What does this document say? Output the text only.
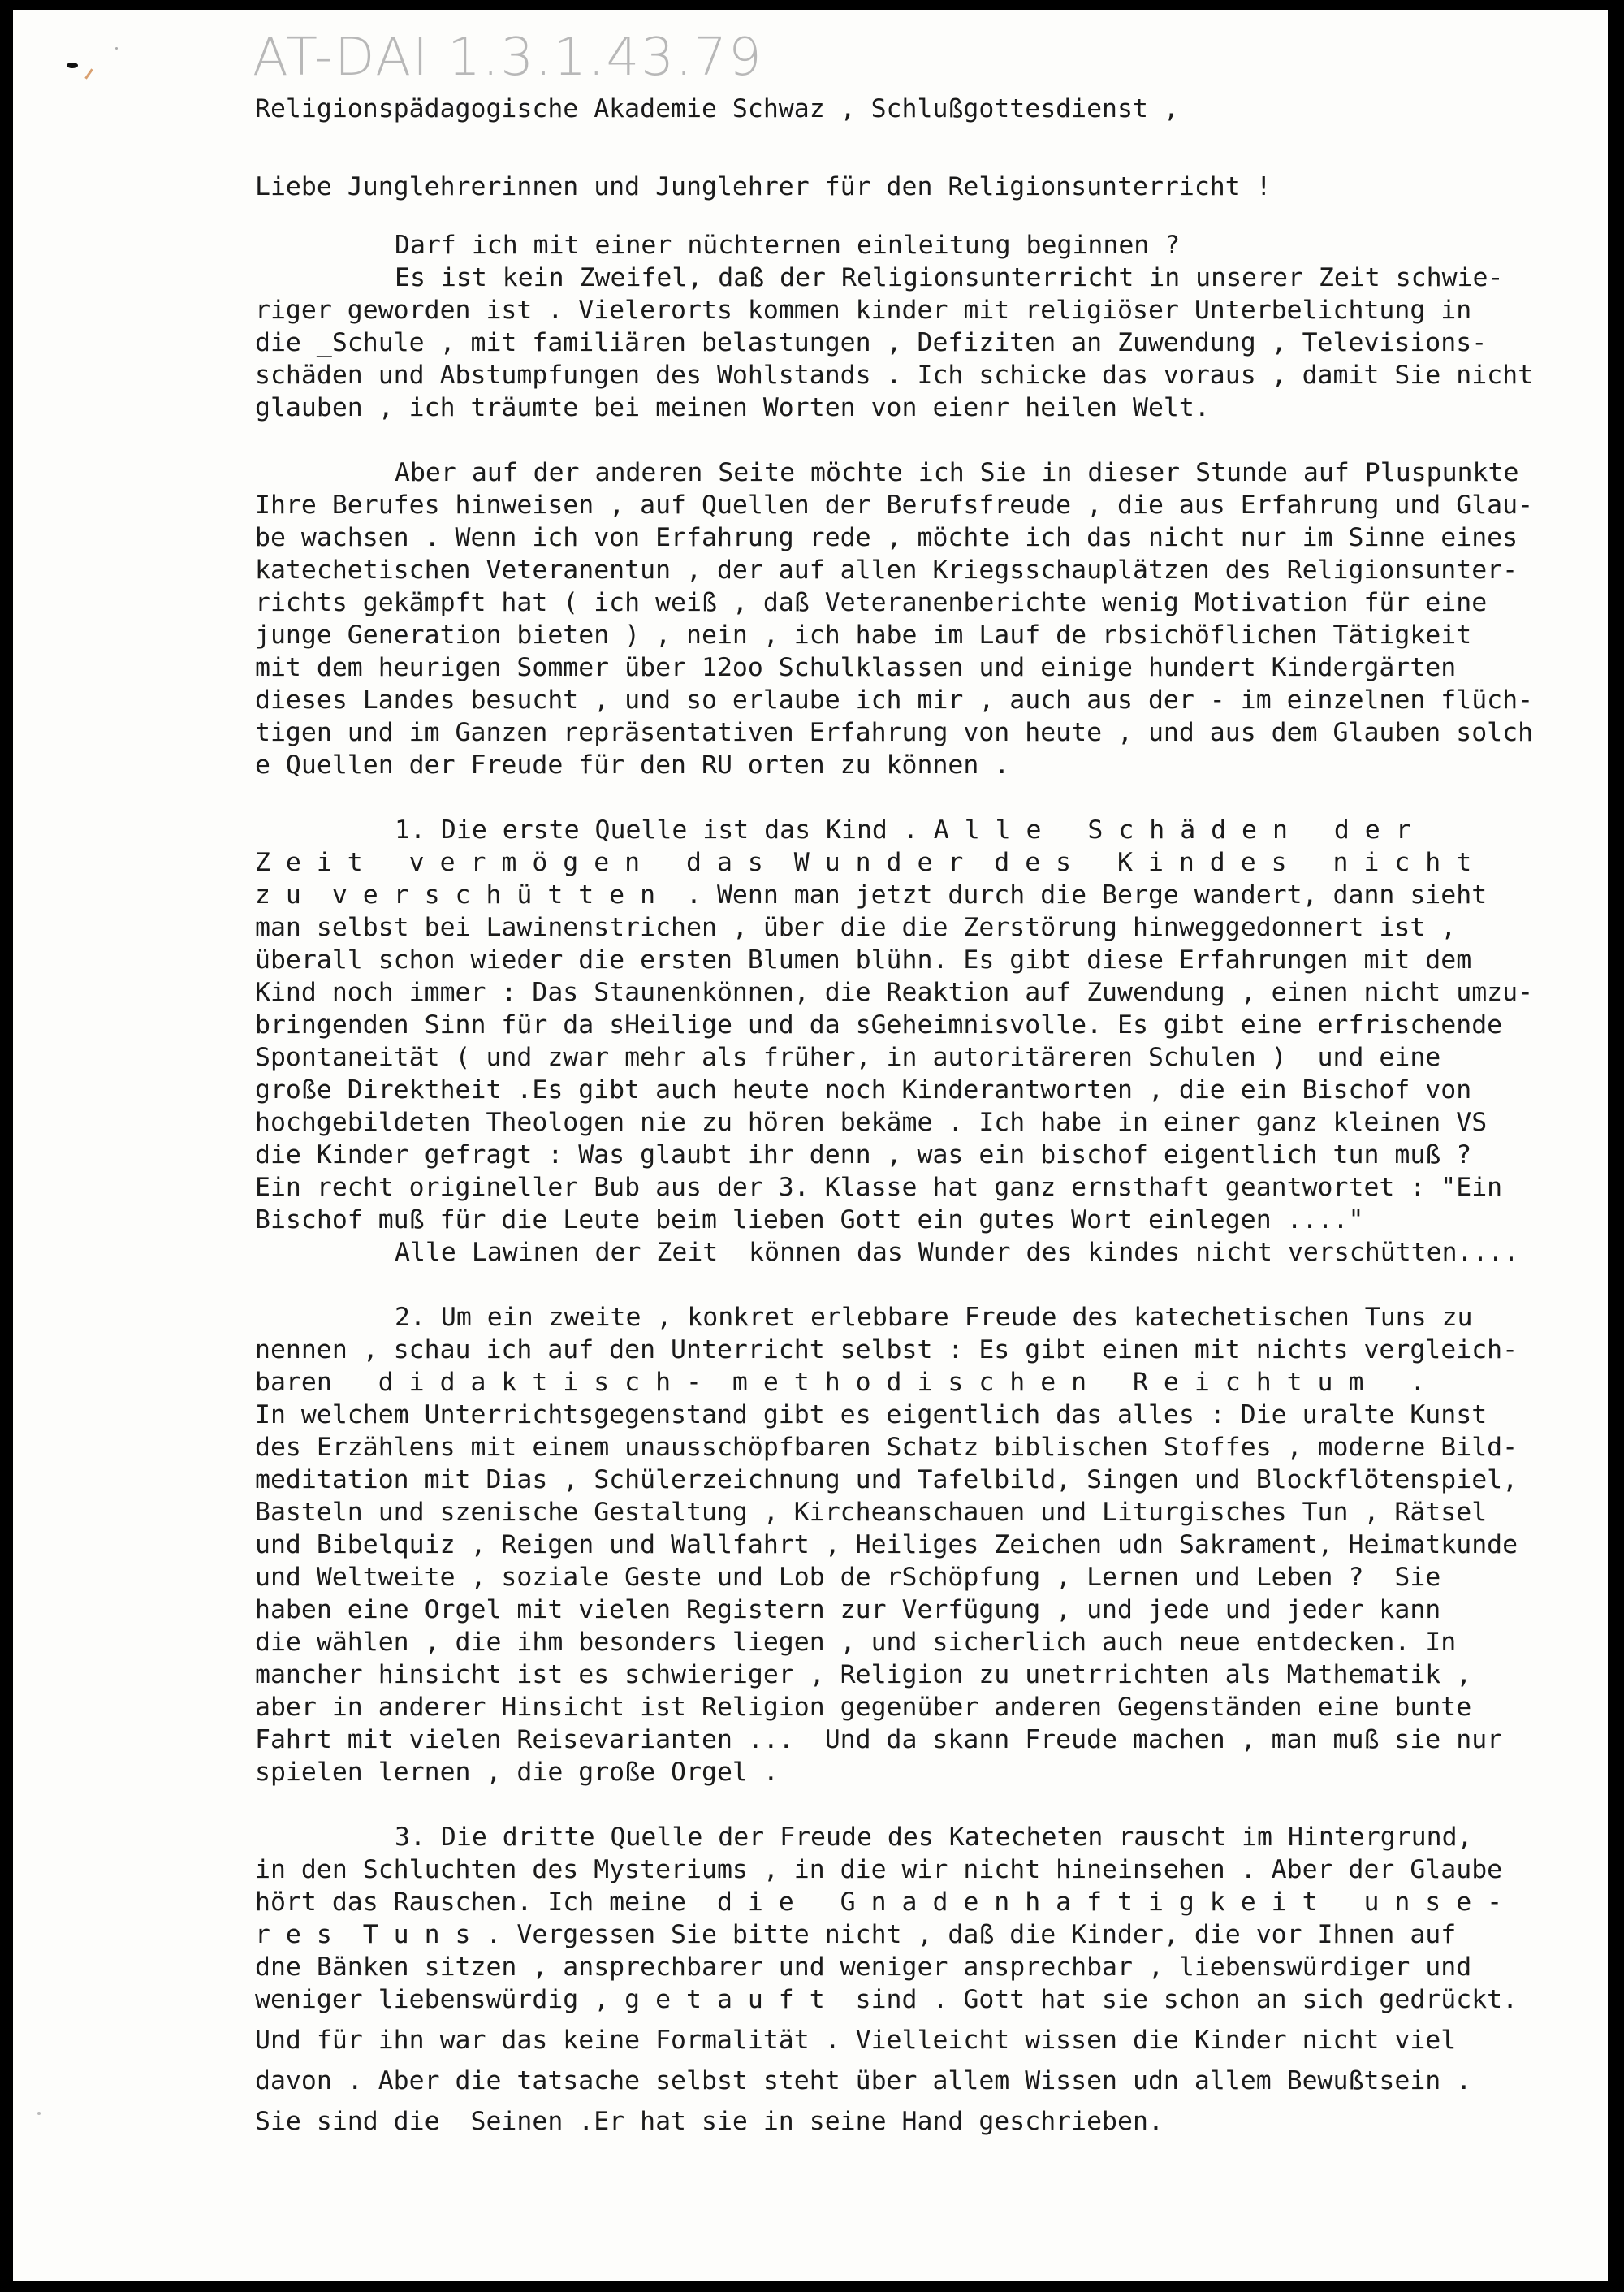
AT-DAI 1.3.1.43.79
Religionspädagogische Akademie Schwaz , Schlußgottesdienst ,
Liebe Junglehrerinnen und Junglehrer für den Religionsunterricht !
Darf ich mit einer nüchternen einleitung beginnen ?
Es ist kein Zweifel, daß der Religionsunterricht in unserer Zeit schwie-
riger geworden ist . Vielerorts kommen kinder mit religiöser Unterbelichtung in
die _Schule , mit familiären belastungen , Defiziten an Zuwendung , Televisions-
schäden und Abstumpfungen des Wohlstands . Ich schicke das voraus , damit Sie nicht
glauben , ich träumte bei meinen Worten von eienr heilen Welt.
Aber auf der anderen Seite möchte ich Sie in dieser Stunde auf Pluspunkte
Ihre Berufes hinweisen , auf Quellen der Berufsfreude , die aus Erfahrung und Glau-
be wachsen . Wenn ich von Erfahrung rede , möchte ich das nicht nur im Sinne eines
katechetischen Veteranentun , der auf allen Kriegsschauplätzen des Religionsunter-
richts gekämpft hat ( ich weiß , daß Veteranenberichte wenig Motivation für eine
junge Generation bieten ) , nein , ich habe im Lauf de rbsichöflichen Tätigkeit
mit dem heurigen Sommer über 12oo Schulklassen und einige hundert Kindergärten
dieses Landes besucht , und so erlaube ich mir , auch aus der - im einzelnen flüch-
tigen und im Ganzen repräsentativen Erfahrung von heute , und aus dem Glauben solch
e Quellen der Freude für den RU orten zu können .
1. Die erste Quelle ist das Kind . A l l e   S c h ä d e n   d e r
Z e i t   v e r m ö g e n   d a s  W u n d e r  d e s   K i n d e s   n i c h t
z u  v e r s c h ü t t e n  . Wenn man jetzt durch die Berge wandert, dann sieht
man selbst bei Lawinenstrichen , über die die Zerstörung hinweggedonnert ist ,
überall schon wieder die ersten Blumen blühn. Es gibt diese Erfahrungen mit dem
Kind noch immer : Das Staunenkönnen, die Reaktion auf Zuwendung , einen nicht umzu-
bringenden Sinn für da sHeilige und da sGeheimnisvolle. Es gibt eine erfrischende
Spontaneität ( und zwar mehr als früher, in autoritäreren Schulen )  und eine
große Direktheit .Es gibt auch heute noch Kinderantworten , die ein Bischof von
hochgebildeten Theologen nie zu hören bekäme . Ich habe in einer ganz kleinen VS
die Kinder gefragt : Was glaubt ihr denn , was ein bischof eigentlich tun muß ?
Ein recht origineller Bub aus der 3. Klasse hat ganz ernsthaft geantwortet : "Ein
Bischof muß für die Leute beim lieben Gott ein gutes Wort einlegen ...."
Alle Lawinen der Zeit  können das Wunder des kindes nicht verschütten....
2. Um ein zweite , konkret erlebbare Freude des katechetischen Tuns zu
nennen , schau ich auf den Unterricht selbst : Es gibt einen mit nichts vergleich-
baren   d i d a k t i s c h -  m e t h o d i s c h e n   R e i c h t u m   .
In welchem Unterrichtsgegenstand gibt es eigentlich das alles : Die uralte Kunst
des Erzählens mit einem unausschöpfbaren Schatz biblischen Stoffes , moderne Bild-
meditation mit Dias , Schülerzeichnung und Tafelbild, Singen und Blockflötenspiel,
Basteln und szenische Gestaltung , Kircheanschauen und Liturgisches Tun , Rätsel
und Bibelquiz , Reigen und Wallfahrt , Heiliges Zeichen udn Sakrament, Heimatkunde
und Weltweite , soziale Geste und Lob de rSchöpfung , Lernen und Leben ?  Sie
haben eine Orgel mit vielen Registern zur Verfügung , und jede und jeder kann
die wählen , die ihm besonders liegen , und sicherlich auch neue entdecken. In
mancher hinsicht ist es schwieriger , Religion zu unetrrichten als Mathematik ,
aber in anderer Hinsicht ist Religion gegenüber anderen Gegenständen eine bunte
Fahrt mit vielen Reisevarianten ...  Und da skann Freude machen , man muß sie nur
spielen lernen , die große Orgel .
3. Die dritte Quelle der Freude des Katecheten rauscht im Hintergrund,
in den Schluchten des Mysteriums , in die wir nicht hineinsehen . Aber der Glaube
hört das Rauschen. Ich meine  d i e   G n a d e n h a f t i g k e i t   u n s e -
r e s  T u n s . Vergessen Sie bitte nicht , daß die Kinder, die vor Ihnen auf
dne Bänken sitzen , ansprechbarer und weniger ansprechbar , liebenswürdiger und
weniger liebenswürdig , g e t a u f t  sind . Gott hat sie schon an sich gedrückt.
Und für ihn war das keine Formalität . Vielleicht wissen die Kinder nicht viel
davon . Aber die tatsache selbst steht über allem Wissen udn allem Bewußtsein .
Sie sind die  Seinen .Er hat sie in seine Hand geschrieben.
